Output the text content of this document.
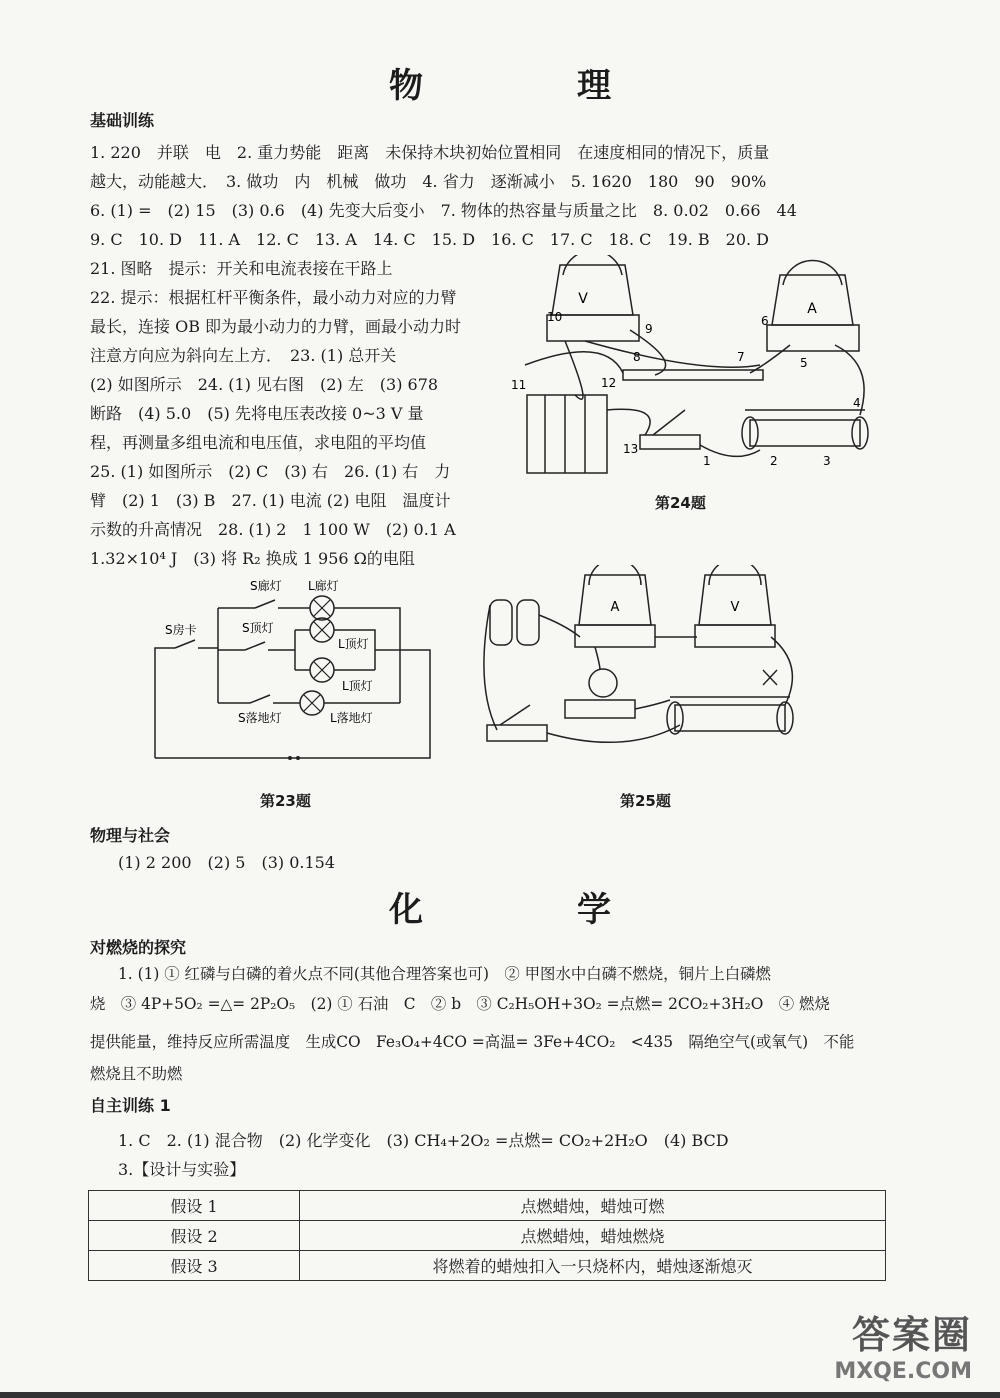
物　理
基础训练
1. 220　并联　电　2. 重力势能　距离　未保持木块初始位置相同　在速度相同的情况下，质量
越大，动能越大．　3. 做功　内　机械　做功　4. 省力　逐渐减小　5. 1620　180　90　90%
6. (1) =　(2) 15　(3) 0.6　(4) 先变大后变小　7. 物体的热容量与质量之比　8. 0.02　0.66　44
9. C　10. D　11. A　12. C　13. A　14. C　15. D　16. C　17. C　18. C　19. B　20. D
21. 图略　提示：开关和电流表接在干路上
22. 提示：根据杠杆平衡条件，最小动力对应的力臂
最长，连接 OB 即为最小动力的力臂，画最小动力时
注意方向应为斜向左上方．　23. (1) 总开关
(2) 如图所示　24. (1) 见右图　(2) 左　(3) 678
断路　(4) 5.0　(5) 先将电压表改接 0~3 V 量
程，再测量多组电流和电压值，求电阻的平均值
25. (1) 如图所示　(2) C　(3) 右　26. (1) 右　力
臂　(2) 1　(3) B　27. (1) 电流 (2) 电阻　温度计
示数的升高情况　28. (1) 2　1 100 W　(2) 0.1 A
1.32×10⁴ J　(3) 将 R₂ 换成 1 956 Ω的电阻
V
A
10
9
6
8	7	5
11	12
13
1	2	3
4
第24题
S廊灯 L廊灯
S房卡	S顶灯
L顶灯
L顶灯
S落地灯	L落地灯
第23题
A	V
第25题
物理与社会
(1) 2 200　(2) 5　(3) 0.154
化　学
对燃烧的探究
1. (1) ① 红磷与白磷的着火点不同(其他合理答案也可)　② 甲图水中白磷不燃烧，铜片上白磷燃
烧　③ 4P+5O₂ =△= 2P₂O₅　(2) ① 石油　C　② b　③ C₂H₅OH+3O₂ =点燃= 2CO₂+3H₂O　④ 燃烧
提供能量，维持反应所需温度　生成CO　Fe₃O₄+4CO =高温= 3Fe+4CO₂　<435　隔绝空气(或氧气)　不能
燃烧且不助燃
自主训练 1
1. C　2. (1) 混合物　(2) 化学变化　(3) CH₄+2O₂ =点燃= CO₂+2H₂O　(4) BCD
3.【设计与实验】
假设 1	点燃蜡烛，蜡烛可燃
假设 2	点燃蜡烛，蜡烛燃烧
假设 3	将燃着的蜡烛扣入一只烧杯内，蜡烛逐渐熄灭
答案圈
MXQE.COM
